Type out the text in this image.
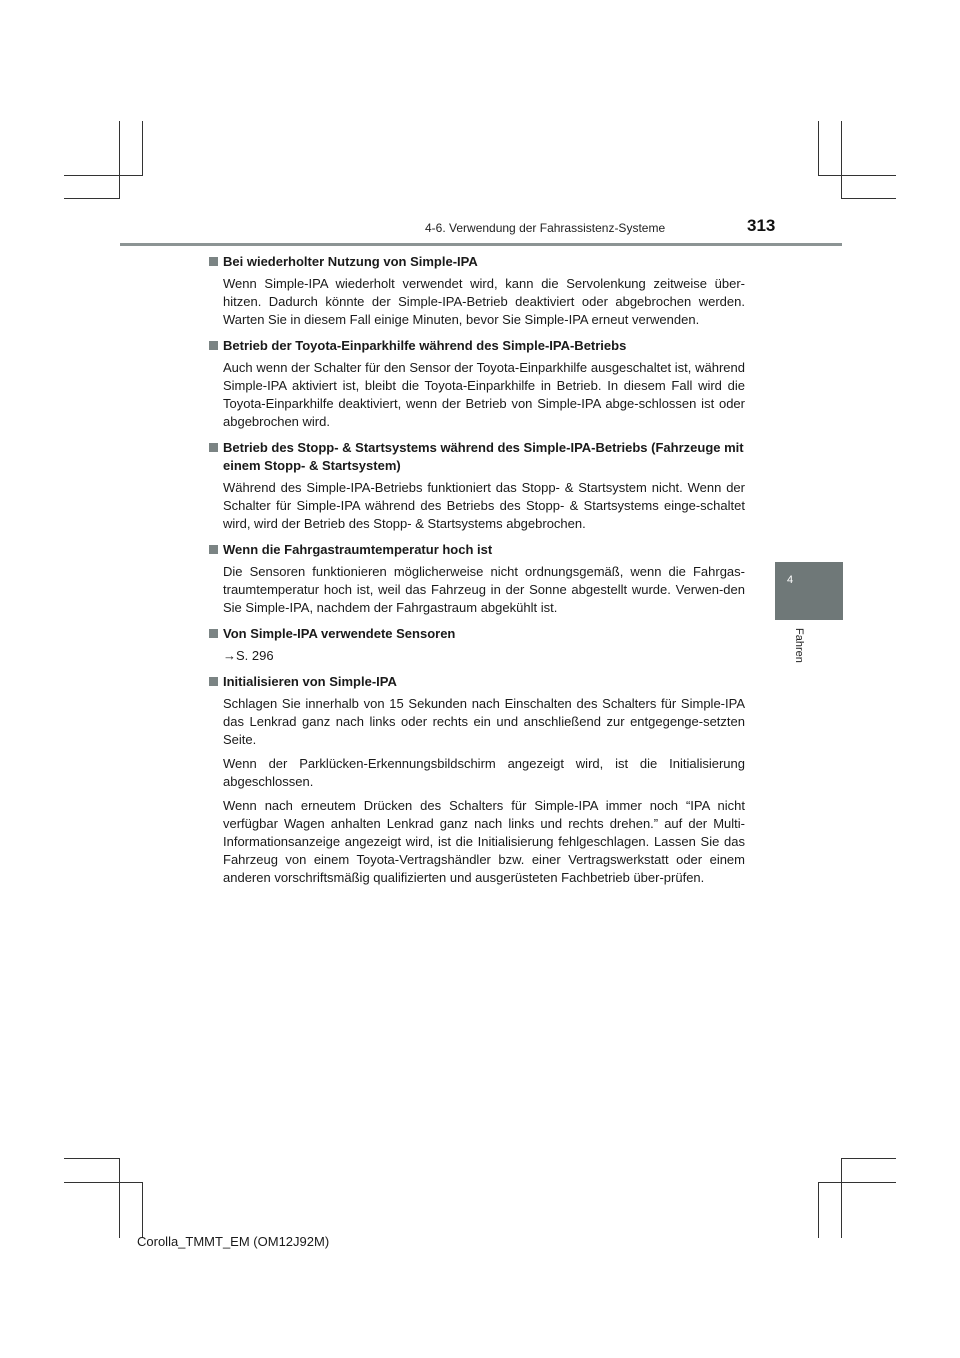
4-6. Verwendung der Fahrassistenz-Systeme	313
4
Fahren
Bei wiederholter Nutzung von Simple-IPA
Wenn Simple-IPA wiederholt verwendet wird, kann die Servolenkung zeitweise über-hitzen. Dadurch könnte der Simple-IPA-Betrieb deaktiviert oder abgebrochen werden. Warten Sie in diesem Fall einige Minuten, bevor Sie Simple-IPA erneut verwenden.
Betrieb der Toyota-Einparkhilfe während des Simple-IPA-Betriebs
Auch wenn der Schalter für den Sensor der Toyota-Einparkhilfe ausgeschaltet ist, während Simple-IPA aktiviert ist, bleibt die Toyota-Einparkhilfe in Betrieb. In diesem Fall wird die Toyota-Einparkhilfe deaktiviert, wenn der Betrieb von Simple-IPA abge-schlossen ist oder abgebrochen wird.
Betrieb des Stopp- & Startsystems während des Simple-IPA-Betriebs (Fahrzeuge mit einem Stopp- & Startsystem)
Während des Simple-IPA-Betriebs funktioniert das Stopp- & Startsystem nicht. Wenn der Schalter für Simple-IPA während des Betriebs des Stopp- & Startsystems einge-schaltet wird, wird der Betrieb des Stopp- & Startsystems abgebrochen.
Wenn die Fahrgastraumtemperatur hoch ist
Die Sensoren funktionieren möglicherweise nicht ordnungsgemäß, wenn die Fahrgas-traumtemperatur hoch ist, weil das Fahrzeug in der Sonne abgestellt wurde. Verwen-den Sie Simple-IPA, nachdem der Fahrgastraum abgekühlt ist.
Von Simple-IPA verwendete Sensoren
→S. 296
Initialisieren von Simple-IPA
Schlagen Sie innerhalb von 15 Sekunden nach Einschalten des Schalters für Simple-IPA das Lenkrad ganz nach links oder rechts ein und anschließend zur entgegenge-setzten Seite.
Wenn der Parklücken-Erkennungsbildschirm angezeigt wird, ist die Initialisierung abgeschlossen.
Wenn nach erneutem Drücken des Schalters für Simple-IPA immer noch “IPA nicht verfügbar Wagen anhalten Lenkrad ganz nach links und rechts drehen.” auf der Multi-Informationsanzeige angezeigt wird, ist die Initialisierung fehlgeschlagen. Lassen Sie das Fahrzeug von einem Toyota-Vertragshändler bzw. einer Vertragswerkstatt oder einem anderen vorschriftsmäßig qualifizierten und ausgerüsteten Fachbetrieb über-prüfen.
Corolla_TMMT_EM (OM12J92M)
